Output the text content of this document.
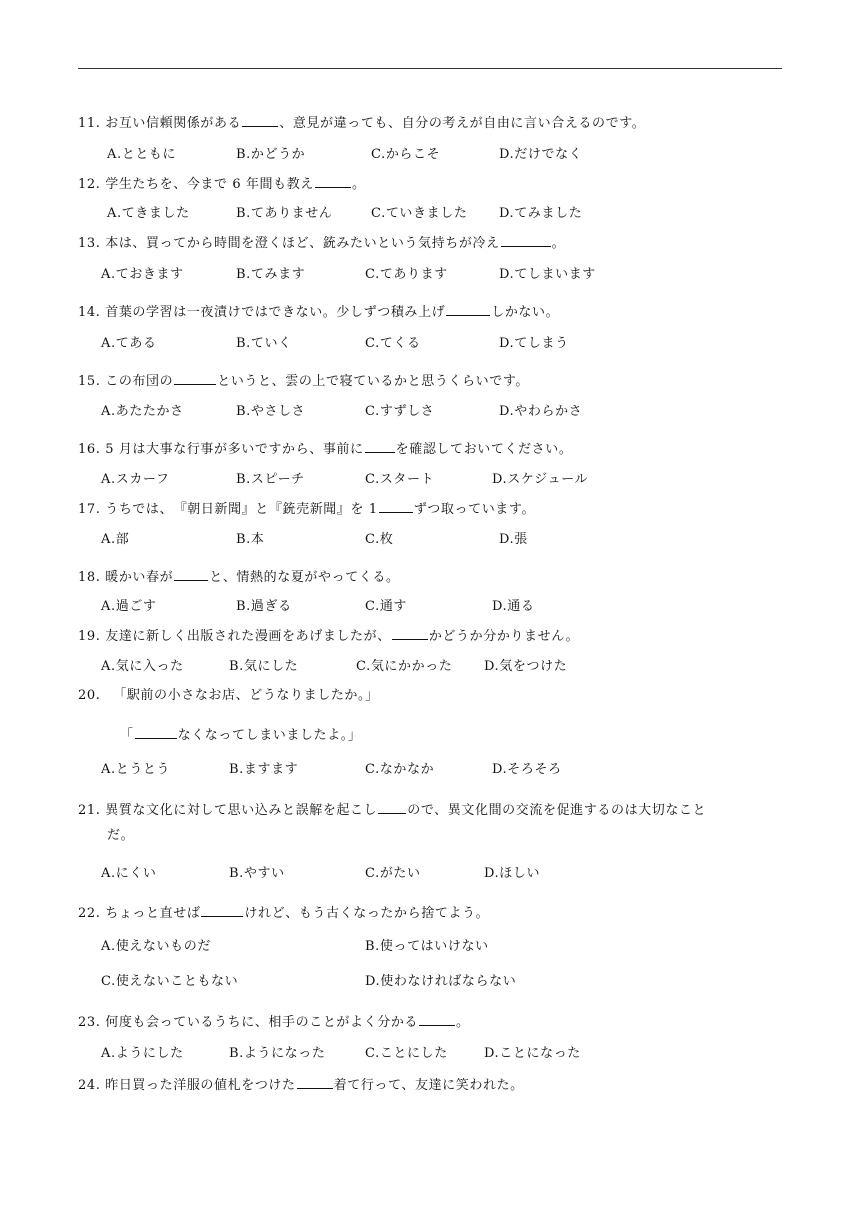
11. お互い信頼関係がある	、意見が違っても、自分の考えが自由に言い合えるのです。
A.とともに	B.かどうか	C.からこそ	D.だけでなく
12. 学生たちを、今まで 6 年間も教え	。
A.てきました	B.てありません	C.ていきました D.てみました
13. 本は、買ってから時間を澄くほど、銃みたいという気持ちが冷え	。
A.ておきます	B.てみます	C.てあります	D.てしまいます
14. 首葉の学習は一夜漬けではできない。少しずつ積み上げ	しかない。
A.てある	B.ていく	C.てくる	D.てしまう
15. この布団の	というと、雲の上で寝ているかと思うくらいです。
A.あたたかさ	B.やさしさ	C.すずしさ	D.やわらかさ
16. 5 月は大事な行事が多いですから、事前に を確認しておいてください。
A.スカーフ	B.スピーチ	C.スタート	D.スケジュール
17. うちでは、　『朝日新聞』と『銃売新聞』を 1	ずつ取っています。
A.部	B.本	C.枚	D.張
18. 暖かい春が	と、情熱的な夏がやってくる。
A.過ごす	B.過ぎる	C.通す	D.通る
19. 友達に新しく出版された漫画をあげましたが、	かどうか分かりません。
A.気に入った	B.気にした	C.気にかかった D.気をつけた
20. 「駅前の小さなお店、どうなりましたか。」
「	なくなってしまいましたよ。」
A.とうとう	B.ますます	C.なかなか	D.そろそろ
21. 異質な文化に対して思い込みと誤解を起こし ので、異文化間の交流を促進するのは大切なこと
だ。
A.にくい	B.やすい	C.がたい	D.ほしい
22. ちょっと直せば	けれど、もう古くなったから捨てよう。
A.使えないものだ	B.使ってはいけない
C.使えないこともない	D.使わなければならない
23. 何度も会っているうちに、相手のことがよく分かる	。
A.ようにした	B.ようになった	C.ことにした	D.ことになった
24. 昨日買った洋服の値札をつけた	着て行って、友達に笑われた。
